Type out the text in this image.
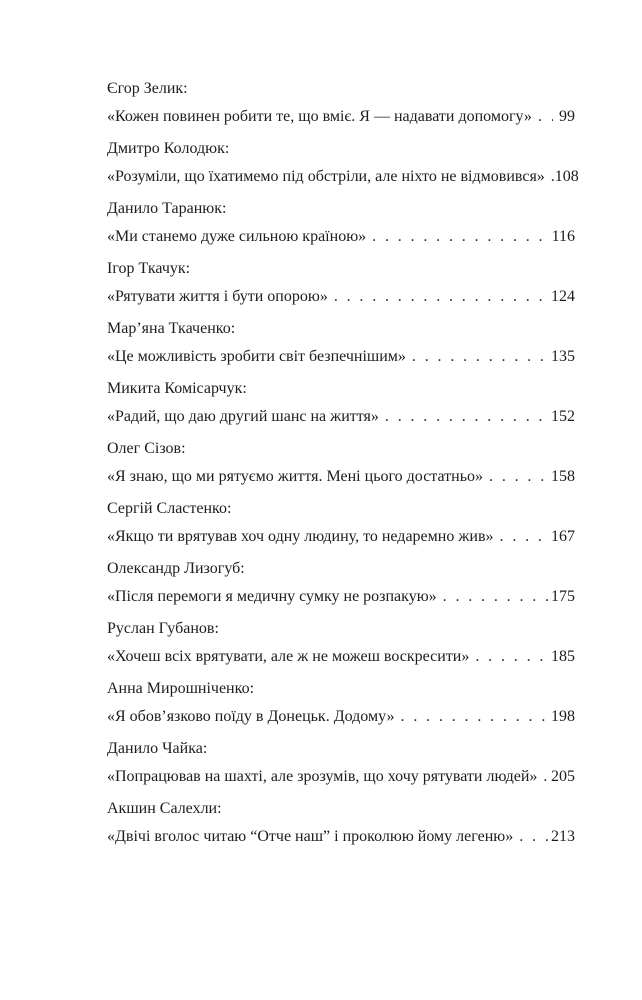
Єгор Зелик:
«Кожен повинен робити те, що вміє. Я — надавати допомогу» . . .	99
Дмитро Колодюк:
«Розуміли, що їхатимемо під обстріли, але ніхто не відмовився» . . . 108
Данило Таранюк:
«Ми станемо дуже сильною країною» . . .	116
Ігор Ткачук:
«Рятувати життя і бути опорою» . . .	124
Мар’яна Ткаченко:
«Це можливість зробити світ безпечнішим» . . .	135
Микита Комісарчук:
«Радий, що даю другий шанс на життя» . . .	152
Олег Сізов:
«Я знаю, що ми рятуємо життя. Мені цього достатньо» . . .	158
Сергій Сластенко:
«Якщо ти врятував хоч одну людину, то недаремно жив» . . .	167
Олександр Лизогуб:
«Після перемоги я медичну сумку не розпакую» . . .	175
Руслан Губанов:
«Хочеш всіх врятувати, але ж не можеш воскресити» . . .	185
Анна Мирошніченко:
«Я обов’язково поїду в Донецьк. Додому» . . .	198
Данило Чайка:
«Попрацював на шахті, але зрозумів, що хочу рятувати людей» . . . 205
Акшин Салехли:
«Двічі вголос читаю “Отче наш” і проколюю йому легеню» . . . 213
